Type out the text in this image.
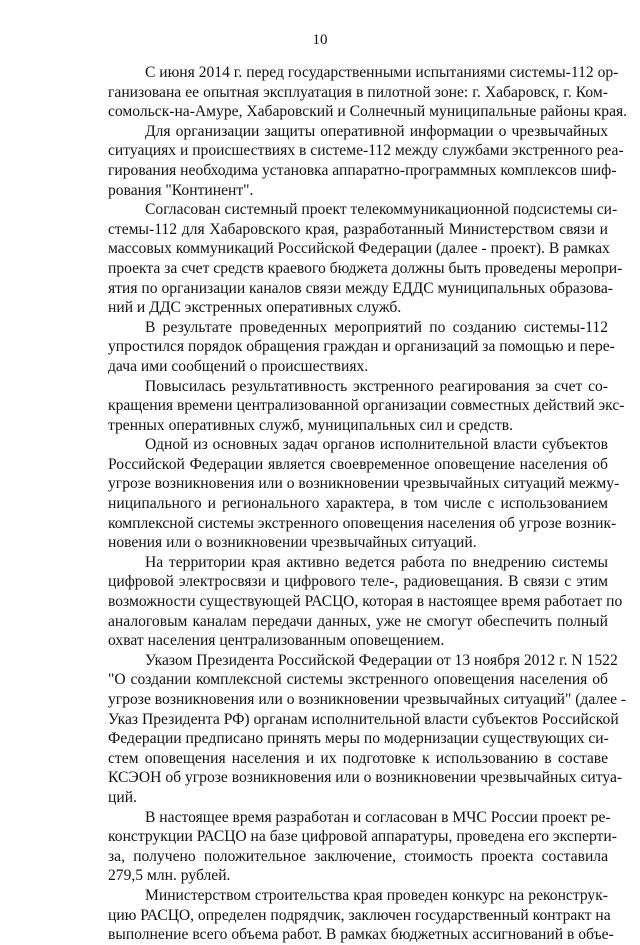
10

С июня 2014 г. перед государственными испытаниями системы-112 ор-
ганизована ее опытная эксплуатация в пилотной зоне: г. Хабаровск, г. Ком-
сомольск-на-Амуре, Хабаровский и Солнечный муниципальные районы края.

Для организации защиты оперативной информации о чрезвычайных
ситуациях и происшествиях в системе-112 между службами экстренного реа-
гирования необходима установка аппаратно-программных комплексов шиф-
рования "Континент".

Согласован системный проект телекоммуникационной подсистемы си-
стемы-112 для Хабаровского края, разработанный Министерством связи и
массовых коммуникаций Российской Федерации (далее - проект). В рамках
проекта за счет средств краевого бюджета должны быть проведены меропри-
ятия по организации каналов связи между ЕДДС муниципальных образова-
ний и ДДС экстренных оперативных служб.

В результате проведенных мероприятий по созданию системы-112
упростился порядок обращения граждан и организаций за помощью и пере-
дача ими сообщений о происшествиях.

Повысилась результативность экстренного реагирования за счет со-
кращения времени централизованной организации совместных действий экс-
тренных оперативных служб, муниципальных сил и средств.

Одной из основных задач органов исполнительной власти субъектов
Российской Федерации является своевременное оповещение населения об
угрозе возникновения или о возникновении чрезвычайных ситуаций межму-
ниципального и регионального характера, в том числе с использованием
комплексной системы экстренного оповещения населения об угрозе возник-
новения или о возникновении чрезвычайных ситуаций.

На территории края активно ведется работа по внедрению системы
цифровой электросвязи и цифрового теле-, радиовещания. В связи с этим
возможности существующей РАСЦО, которая в настоящее время работает по
аналоговым каналам передачи данных, уже не смогут обеспечить полный
охват населения централизованным оповещением.

Указом Президента Российской Федерации от 13 ноября 2012 г. N 1522
"О создании комплексной системы экстренного оповещения населения об
угрозе возникновения или о возникновении чрезвычайных ситуаций" (далее -
Указ Президента РФ) органам исполнительной власти субъектов Российской
Федерации предписано принять меры по модернизации существующих си-
стем оповещения населения и их подготовке к использованию в составе
КСЭОН об угрозе возникновения или о возникновении чрезвычайных ситуа-
ций.

В настоящее время разработан и согласован в МЧС России проект ре-
конструкции РАСЦО на базе цифровой аппаратуры, проведена его эксперти-
за, получено положительное заключение, стоимость проекта составила
279,5 млн. рублей.

Министерством строительства края проведен конкурс на реконструк-
цию РАСЦО, определен подрядчик, заключен государственный контракт на
выполнение всего объема работ. В рамках бюджетных ассигнований в объе-
